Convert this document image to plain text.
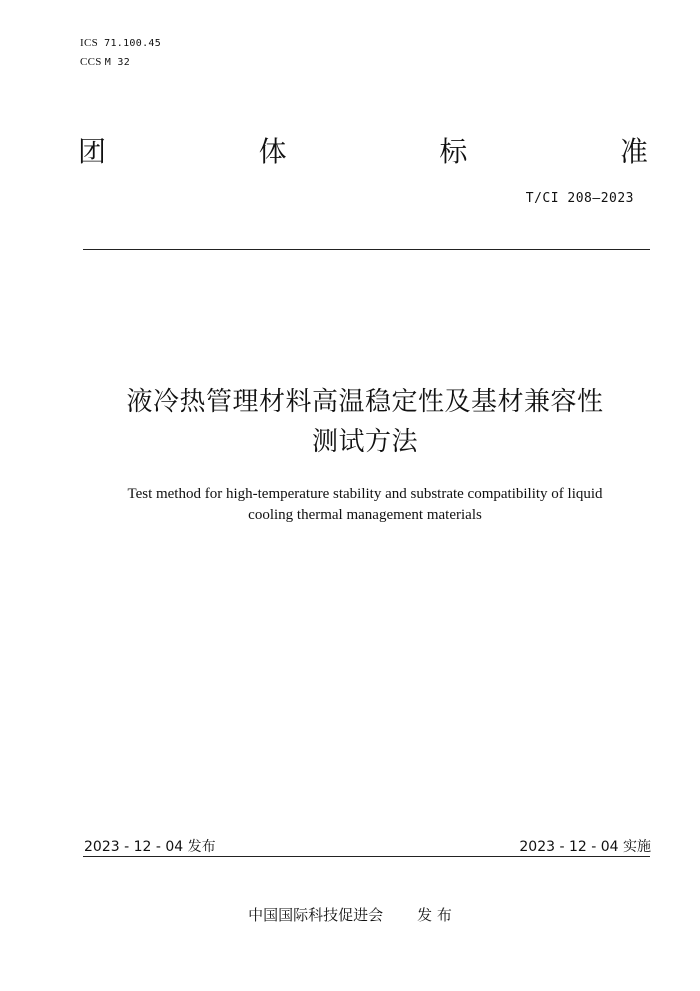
ICS 71.100.45
CCS M 32
团	体	标	准
T/CI 208—2023
液冷热管理材料高温稳定性及基材兼容性
测试方法
Test method for high-temperature stability and substrate compatibility of liquid
cooling thermal management materials
2023 - 12 - 04 发布	2023 - 12 - 04 实施
中国国际科技促进会 发 布
